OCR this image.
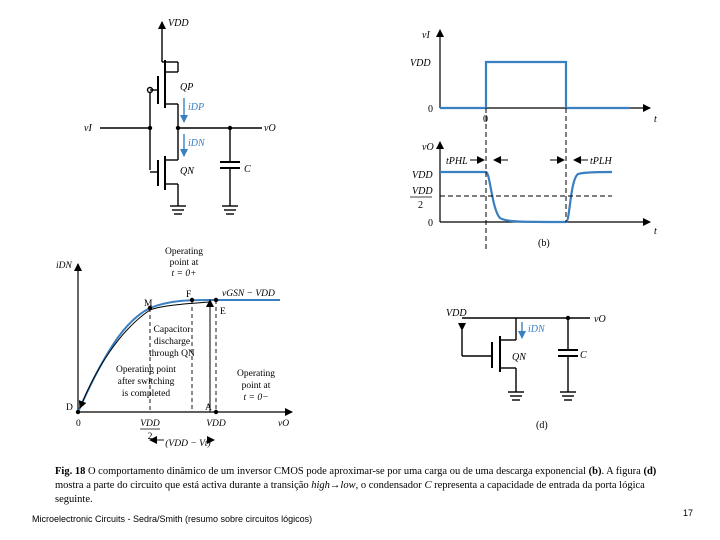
VDD
QP
iDP
iDN
QN
vI	vO
C
vI
VDD
0
0	t
vO
VDD
VDD
2
0
t
tPHL	tPLH
(b)
iDN
vO
M
F
E
D	A
Operating
point at
t = 0+
vGSN − VDD
Capacitor
discharge
through QN
Operating point
after switching
is completed
Operating
point at
t = 0−
0	VDD
2
VDD
(VDD − Vt)
VDD
iDN
vO
QN	C
(d)
Fig. 18 O comportamento dinâmico de um inversor CMOS pode aproximar-se por uma carga ou de uma descarga exponencial (b). A figura (d) mostra a parte do circuito que está activa durante a transição high→low, o condensador C representa a capacidade de entrada da porta lógica seguinte.
Microelectronic Circuits - Sedra/Smith (resumo sobre circuitos lógicos)
17
